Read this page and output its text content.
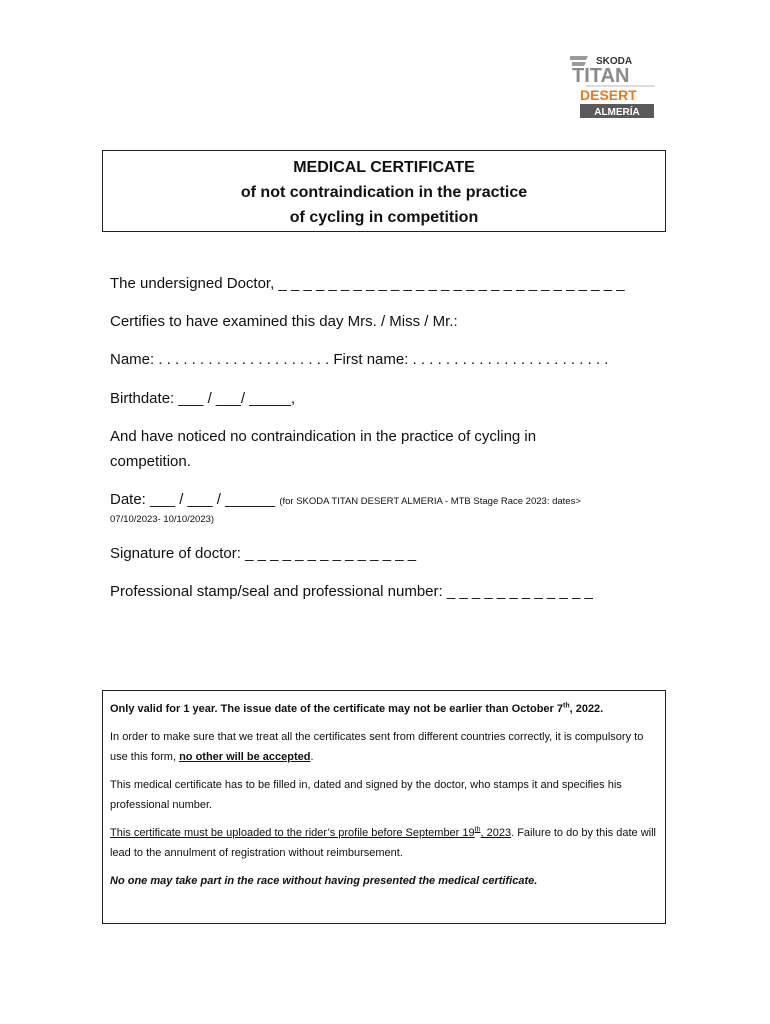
SKODA
TITAN
DESERT
ALMERÍA
MEDICAL CERTIFICATE
of not contraindication in the practice
of cycling in competition
The undersigned Doctor, _ _ _ _ _ _ _ _ _ _ _ _ _ _ _ _ _ _ _ _ _ _ _ _ _ _ _ _
Certifies to have examined this day Mrs. / Miss / Mr.:
Name: . . . . . . . . . . . . . . . . . . . . . First name: . . . . . . . . . . . . . . . . . . . . . . . .
Birthdate: ___ / ___/ _____,
And have noticed no contraindication in the practice of cycling in
competition.
Date: ___ / ___ / ______ (for SKODA TITAN DESERT ALMERIA - MTB Stage Race 2023: dates>
07/10/2023- 10/10/2023)
Signature of doctor: _ _ _ _ _ _ _ _ _ _ _ _ _ _
Professional stamp/seal and professional number: _ _ _ _ _ _ _ _ _ _ _ _

Only valid for 1 year. The issue date of the certificate may not be earlier than October 7th, 2022.

In order to make sure that we treat all the certificates sent from different countries correctly, it is compulsory to use this form, no other will be accepted.

This medical certificate has to be filled in, dated and signed by the doctor, who stamps it and specifies his professional number.

This certificate must be uploaded to the rider’s profile before September 19th, 2023. Failure to do by this date will lead to the annulment of registration without reimbursement.

No one may take part in the race without having presented the medical certificate.
